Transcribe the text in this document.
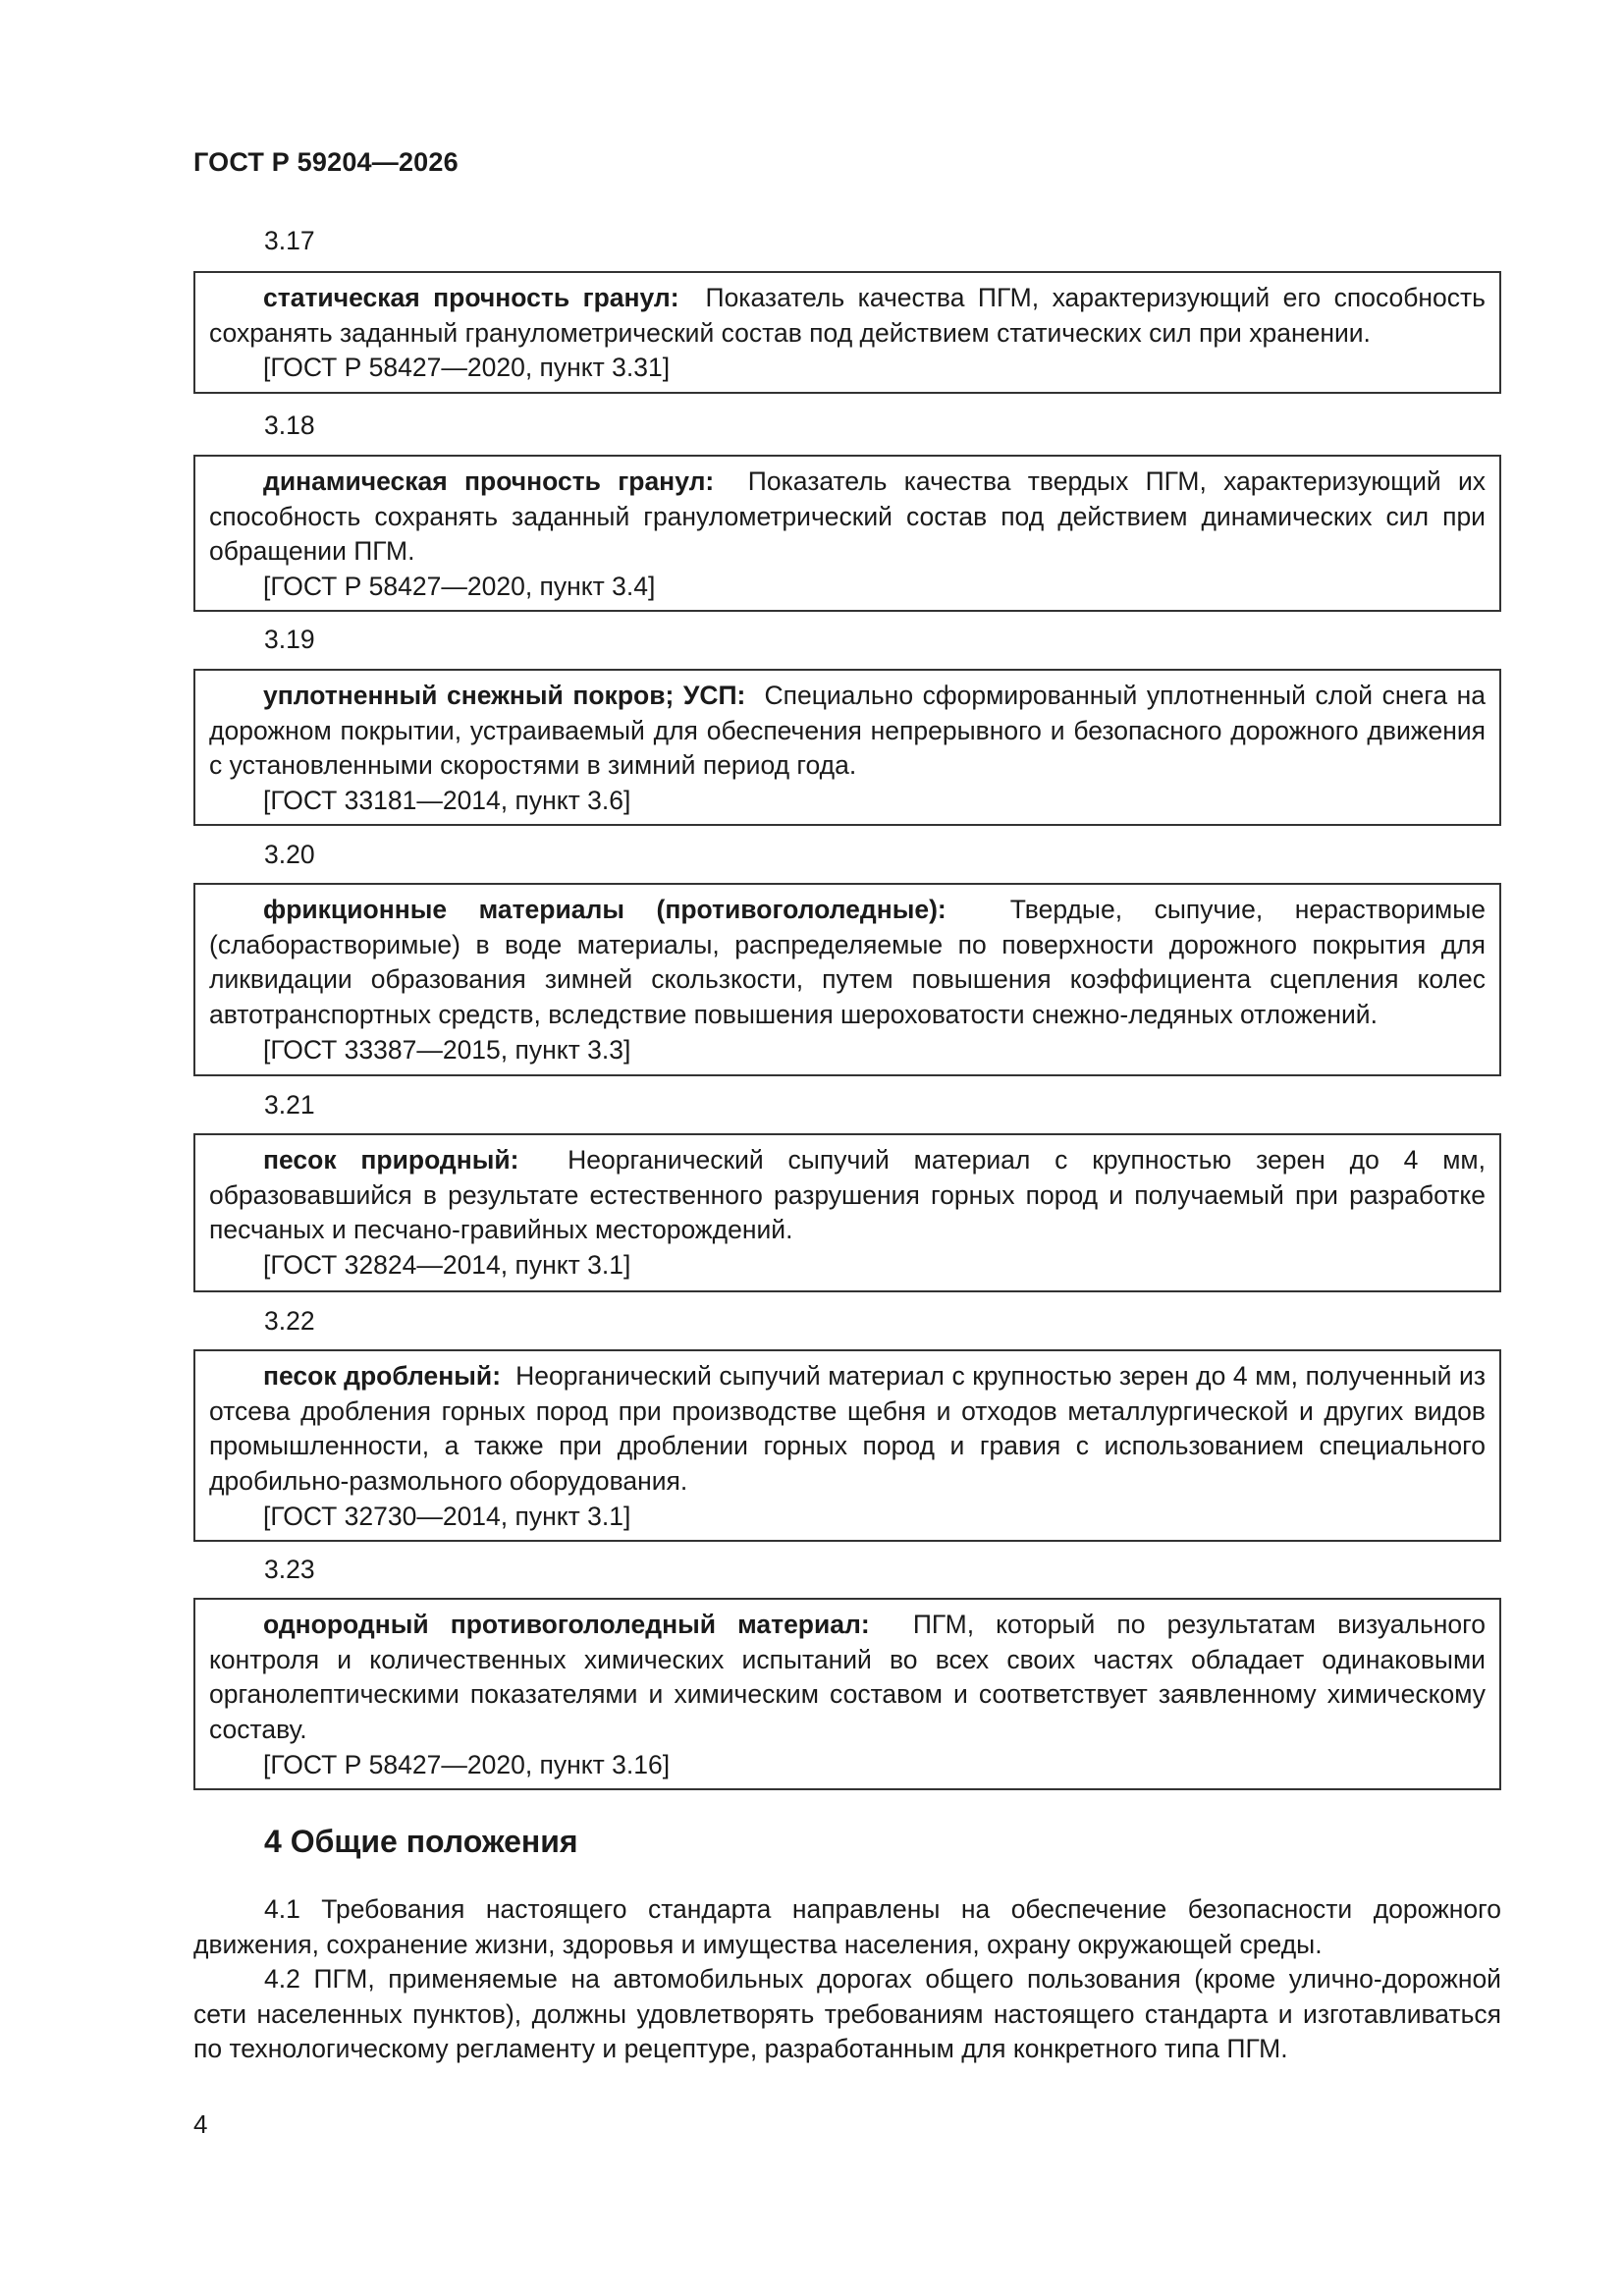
ГОСТ Р 59204—2026
3.17

статическая прочность гранул: Показатель качества ПГМ, характеризующий его способность сохранять заданный гранулометрический состав под действием статических сил при хранении.

[ГОСТ Р 58427—2020, пункт 3.31]

3.18

динамическая прочность гранул: Показатель качества твердых ПГМ, характеризующий их способность сохранять заданный гранулометрический состав под действием динамических сил при обращении ПГМ.

[ГОСТ Р 58427—2020, пункт 3.4]

3.19

уплотненный снежный покров; УСП: Специально сформированный уплотненный слой снега на дорожном покрытии, устраиваемый для обеспечения непрерывного и безопасного дорожного движения с установленными скоростями в зимний период года.

[ГОСТ 33181—2014, пункт 3.6]

3.20

фрикционные материалы (противогололедные): Твердые, сыпучие, нерастворимые (слаборастворимые) в воде материалы, распределяемые по поверхности дорожного покрытия для ликвидации образования зимней скользкости, путем повышения коэффициента сцепления колес автотранспортных средств, вследствие повышения шероховатости снежно-ледяных отложений.

[ГОСТ 33387—2015, пункт 3.3]

3.21

песок природный: Неорганический сыпучий материал с крупностью зерен до 4 мм, образовавшийся в результате естественного разрушения горных пород и получаемый при разработке песчаных и песчано-гравийных месторождений.

[ГОСТ 32824—2014, пункт 3.1]

3.22

песок дробленый: Неорганический сыпучий материал с крупностью зерен до 4 мм, полученный из отсева дробления горных пород при производстве щебня и отходов металлургической и других видов промышленности, а также при дроблении горных пород и гравия с использованием специального дробильно-размольного оборудования.

[ГОСТ 32730—2014, пункт 3.1]

3.23

однородный противогололедный материал: ПГМ, который по результатам визуального контроля и количественных химических испытаний во всех своих частях обладает одинаковыми органолептическими показателями и химическим составом и соответствует заявленному химическому составу.

[ГОСТ Р 58427—2020, пункт 3.16]

4 Общие положения
4.1 Требования настоящего стандарта направлены на обеспечение безопасности дорожного движения, сохранение жизни, здоровья и имущества населения, охрану окружающей среды.
4.2 ПГМ, применяемые на автомобильных дорогах общего пользования (кроме улично-дорожной сети населенных пунктов), должны удовлетворять требованиям настоящего стандарта и изготавливаться по технологическому регламенту и рецептуре, разработанным для конкретного типа ПГМ.
4
